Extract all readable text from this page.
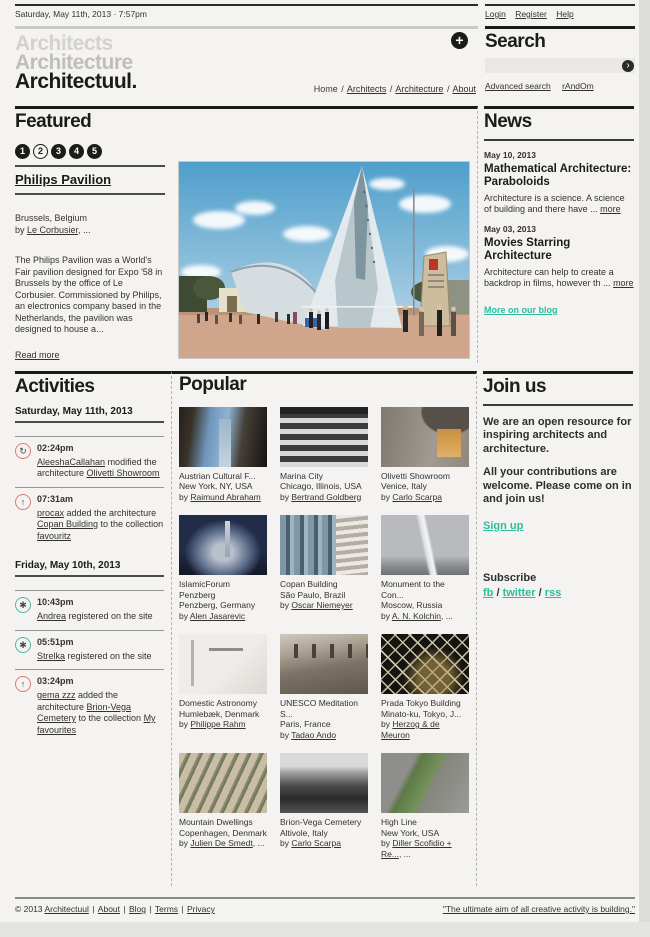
Saturday, May 11th, 2013 · 7:57pm	Login Register Help
Architects
Architecture
Architectuul.
+
Home / Architects / Architecture / About
Search
›
Advanced search rAndOm
Featured
1 2 3 4 5
Philips Pavilion
Brussels, Belgium
by Le Corbusier, ...
The Philips Pavilion was a World's Fair pavilion designed for Expo '58 in Brussels by the office of Le Corbusier. Commissioned by Philips, an electronics company based in the Netherlands, the pavilion was designed to house a...
Read more
News
May 10, 2013
Mathematical Architecture: Paraboloids
Architecture is a science. A science of building and there have ... more
May 03, 2013
Movies Starring Architecture
Architecture can help to create a backdrop in films, however th ... more
More on our blog
Activities
Saturday, May 11th, 2013
↻	02:24pm
AleeshaCallahan modified the architecture Olivetti Showroom
↑	07:31am
procax added the architecture Copan Building to the collection favouritz
Friday, May 10th, 2013
✱	10:43pm
Andrea registered on the site
✱	05:51pm
Strelka registered on the site
↑	03:24pm
gema zzz added the architecture Brion-Vega Cemetery to the collection My favourites
Popular
Austrian Cultural F...
New York, NY, USA
by Raimund Abraham
Marina City
Chicago, Illinois, USA
by Bertrand Goldberg
Olivetti Showroom
Venice, Italy
by Carlo Scarpa
IslamicForum Penzberg
Penzberg, Germany
by Alen Jasarevic
Copan Building
São Paulo, Brazil
by Oscar Niemeyer
Monument to the Con...
Moscow, Russia
by A. N. Kolchin, ...
Domestic Astronomy
Humlebæk, Denmark
by Philippe Rahm
UNESCO Meditation S...
Paris, France
by Tadao Ando
Prada Tokyo Building
Minato-ku, Tokyo, J...
by Herzog & de Meuron
Mountain Dwellings
Copenhagen, Denmark
by Julien De Smedt, ...
Brion-Vega Cemetery
Altivole, Italy
by Carlo Scarpa
High Line
New York, USA
by Diller Scofidio + Re..., ...
Join us
We are an open resource for inspiring architects and architecture.
All your contributions are welcome. Please come on in and join us!
Sign up
Subscribe
fb / twitter / rss
© 2013 Architectuul | About | Blog | Terms | Privacy	"The ultimate aim of all creative activity is building."
